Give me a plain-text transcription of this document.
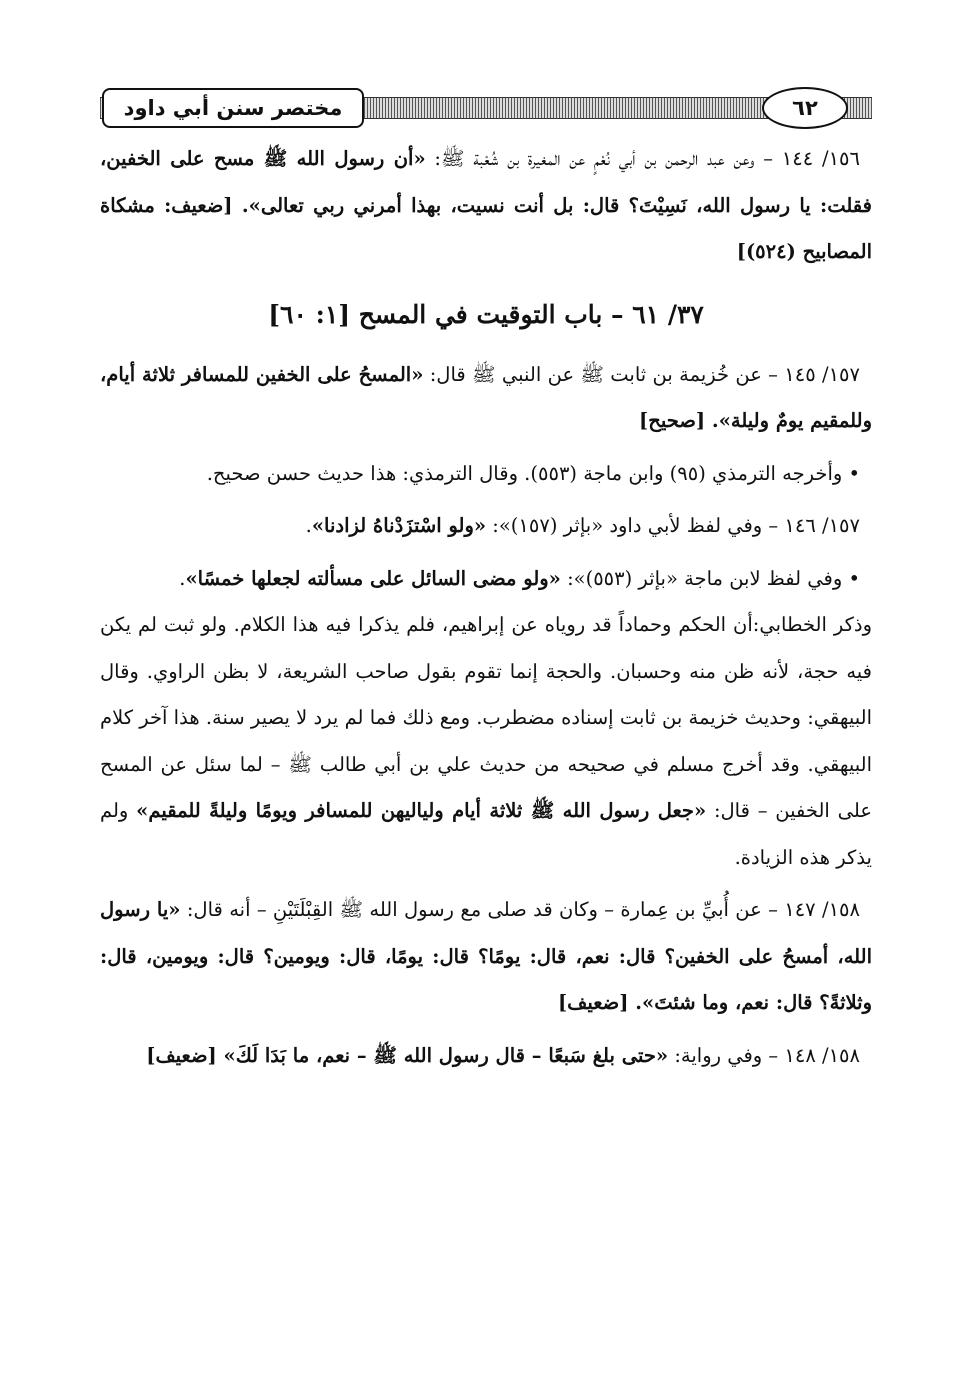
مختصر سنن أبي داود	٦٢

١٥٦/ ١٤٤ – وعن عبد الرحمن بن أبي نُعْمٍ عن المغيرة بن شُعْبة ﷺ: «أن رسول الله ﷺ مسح على الخفين، فقلت: يا رسول الله، نَسِيْتَ؟ قال: بل أنت نسيت، بهذا أمرني ربي تعالى». [ضعيف: مشكاة المصابيح (٥٢٤)]

٣٧/ ٦١ – باب التوقيت في المسح [١: ٦٠]

١٥٧/ ١٤٥ – عن خُزيمة بن ثابت ﷺ عن النبي ﷺ قال: «المسحُ على الخفين للمسافر ثلاثة أيام، وللمقيم يومٌ وليلة». [صحيح]

• وأخرجه الترمذي (٩٥) وابن ماجة (٥٥٣). وقال الترمذي: هذا حديث حسن صحيح.

١٥٧/ ١٤٦ – وفي لفظ لأبي داود «بإثر (١٥٧)»: «ولو اسْتزَدْناهُ لزادنا».

• وفي لفظ لابن ماجة «بإثر (٥٥٣)»: «ولو مضى السائل على مسألته لجعلها خمسًا».

وذكر الخطابي:أن الحكم وحماداً قد روياه عن إبراهيم، فلم يذكرا فيه هذا الكلام. ولو ثبت لم يكن فيه حجة، لأنه ظن منه وحسبان. والحجة إنما تقوم بقول صاحب الشريعة، لا بظن الراوي. وقال البيهقي: وحديث خزيمة بن ثابت إسناده مضطرب. ومع ذلك فما لم يرد لا يصير سنة. هذا آخر كلام البيهقي. وقد أخرج مسلم في صحيحه من حديث علي بن أبي طالب ﷺ – لما سئل عن المسح على الخفين – قال: «جعل رسول الله ﷺ ثلاثة أيام ولياليهن للمسافر ويومًا وليلةً للمقيم» ولم يذكر هذه الزيادة.

١٥٨/ ١٤٧ – عن أُبيِّ بن عِمارة – وكان قد صلى مع رسول الله ﷺ القِبْلَتَيْنِ – أنه قال: «يا رسول الله، أمسحُ على الخفين؟ قال: نعم، قال: يومًا؟ قال: يومًا، قال: ويومين؟ قال: ويومين، قال: وثلاثةً؟ قال: نعم، وما شئتَ». [ضعيف]

١٥٨/ ١٤٨ – وفي رواية: «حتى بلغ سَبعًا – قال رسول الله ﷺ – نعم، ما بَدَا لَكَ» [ضعيف]
